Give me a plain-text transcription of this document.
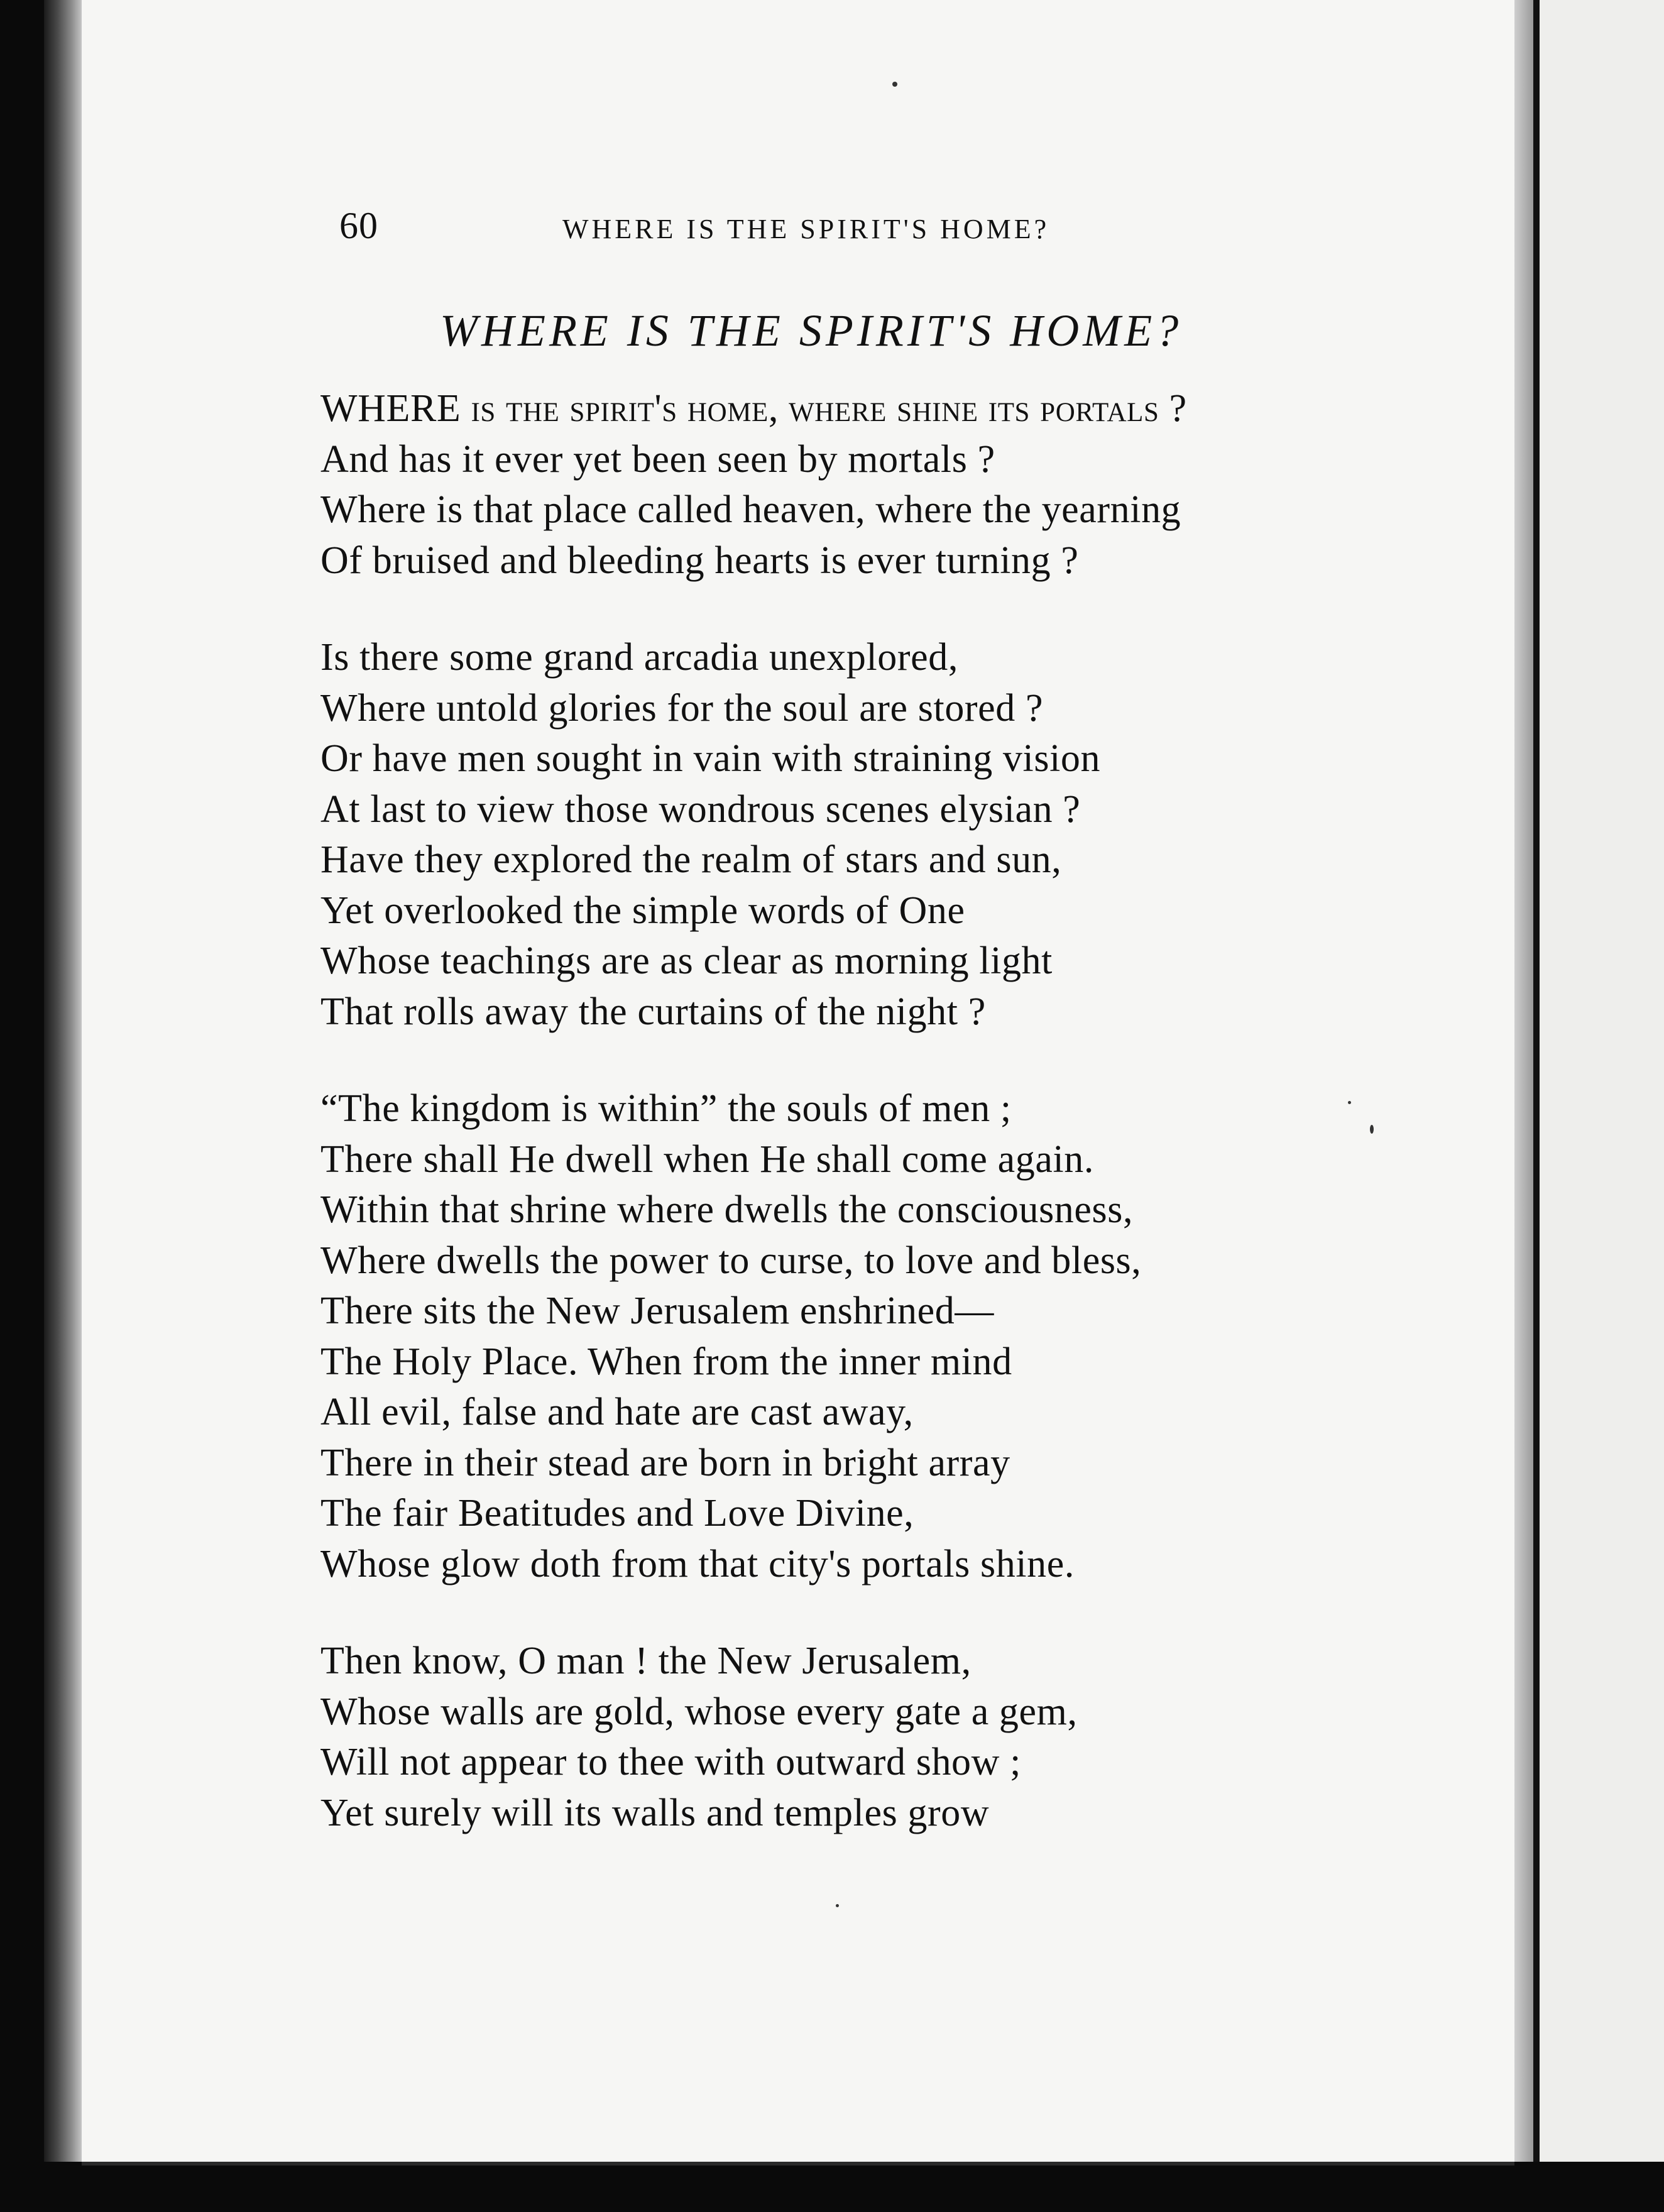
60	WHERE IS THE SPIRIT'S HOME?
WHERE IS THE SPIRIT'S HOME?
WHERE is the spirit's home, where shine its portals ?
And has it ever yet been seen by mortals ?
Where is that place called heaven, where the yearning
Of bruised and bleeding hearts is ever turning ?
Is there some grand arcadia unexplored,
Where untold glories for the soul are stored ?
Or have men sought in vain with straining vision
At last to view those wondrous scenes elysian ?
Have they explored the realm of stars and sun,
Yet overlooked the simple words of One
Whose teachings are as clear as morning light
That rolls away the curtains of the night ?
“The kingdom is within” the souls of men ;
There shall He dwell when He shall come again.
Within that shrine where dwells the consciousness,
Where dwells the power to curse, to love and bless,
There sits the New Jerusalem enshrined—
The Holy Place. When from the inner mind
All evil, false and hate are cast away,
There in their stead are born in bright array
The fair Beatitudes and Love Divine,
Whose glow doth from that city's portals shine.
Then know, O man ! the New Jerusalem,
Whose walls are gold, whose every gate a gem,
Will not appear to thee with outward show ;
Yet surely will its walls and temples grow
